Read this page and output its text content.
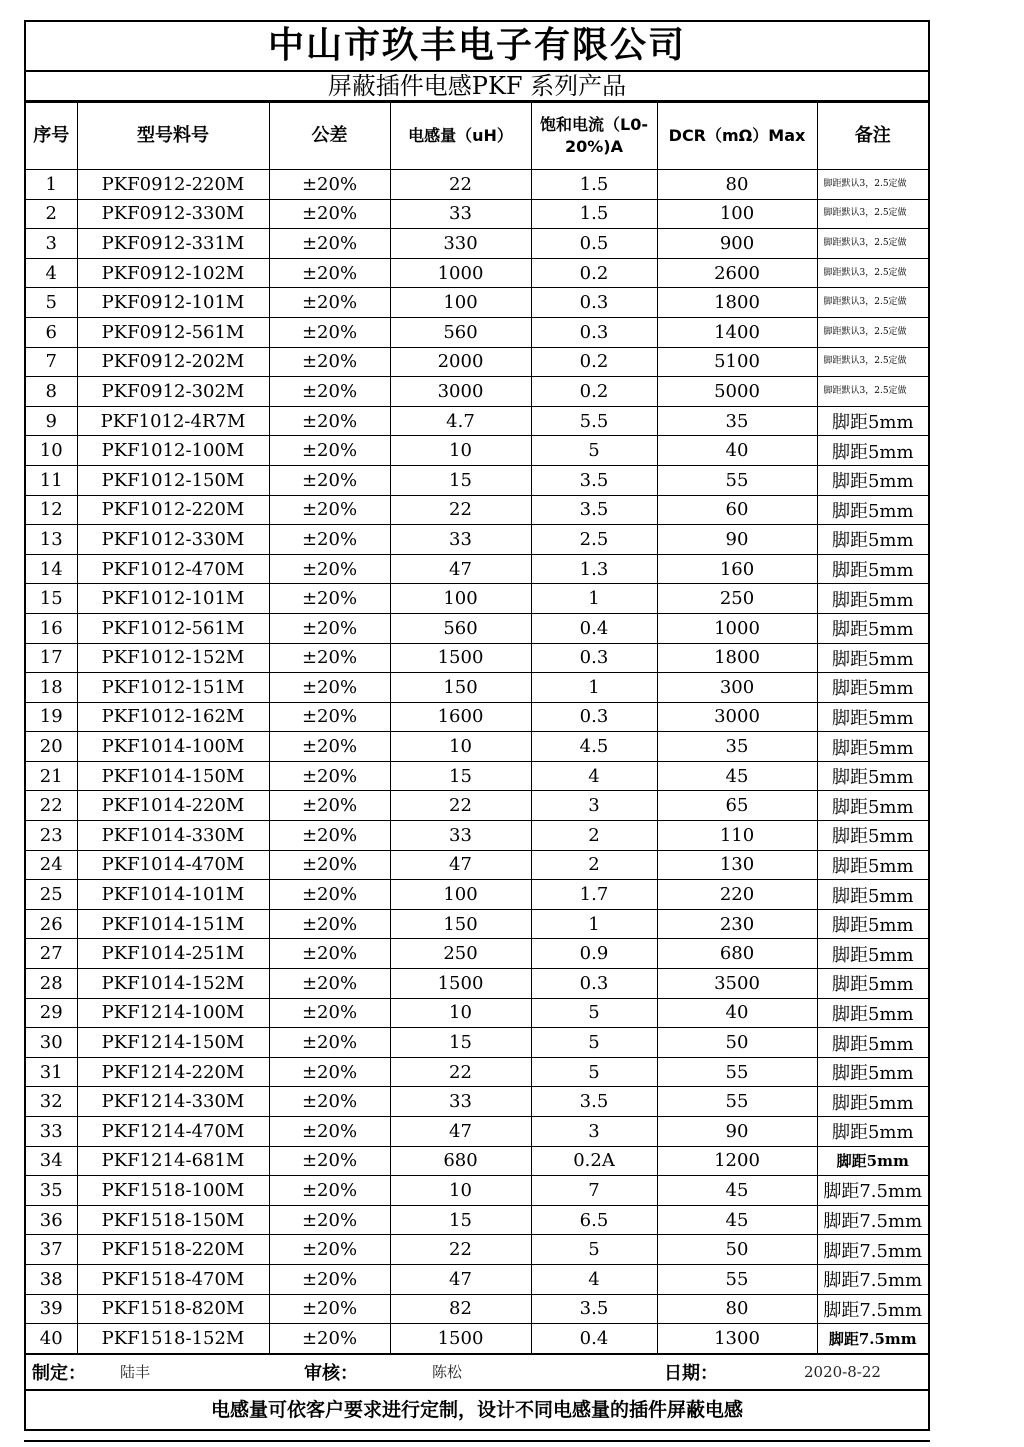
中山市玖丰电子有限公司
屏蔽插件电感PKF 系列产品
序号	型号料号	公差	电感量（uH）	饱和电流（L0-20%)A	DCR（mΩ）Max	备注
1	PKF0912-220M	±20%	22	1.5	80	脚距默认3，2.5定做
2	PKF0912-330M	±20%	33	1.5	100	脚距默认3，2.5定做
3	PKF0912-331M	±20%	330	0.5	900	脚距默认3，2.5定做
4	PKF0912-102M	±20%	1000	0.2	2600	脚距默认3，2.5定做
5	PKF0912-101M	±20%	100	0.3	1800	脚距默认3，2.5定做
6	PKF0912-561M	±20%	560	0.3	1400	脚距默认3，2.5定做
7	PKF0912-202M	±20%	2000	0.2	5100	脚距默认3，2.5定做
8	PKF0912-302M	±20%	3000	0.2	5000	脚距默认3，2.5定做
9	PKF1012-4R7M	±20%	4.7	5.5	35	脚距5mm
10	PKF1012-100M	±20%	10	5	40	脚距5mm
11	PKF1012-150M	±20%	15	3.5	55	脚距5mm
12	PKF1012-220M	±20%	22	3.5	60	脚距5mm
13	PKF1012-330M	±20%	33	2.5	90	脚距5mm
14	PKF1012-470M	±20%	47	1.3	160	脚距5mm
15	PKF1012-101M	±20%	100	1	250	脚距5mm
16	PKF1012-561M	±20%	560	0.4	1000	脚距5mm
17	PKF1012-152M	±20%	1500	0.3	1800	脚距5mm
18	PKF1012-151M	±20%	150	1	300	脚距5mm
19	PKF1012-162M	±20%	1600	0.3	3000	脚距5mm
20	PKF1014-100M	±20%	10	4.5	35	脚距5mm
21	PKF1014-150M	±20%	15	4	45	脚距5mm
22	PKF1014-220M	±20%	22	3	65	脚距5mm
23	PKF1014-330M	±20%	33	2	110	脚距5mm
24	PKF1014-470M	±20%	47	2	130	脚距5mm
25	PKF1014-101M	±20%	100	1.7	220	脚距5mm
26	PKF1014-151M	±20%	150	1	230	脚距5mm
27	PKF1014-251M	±20%	250	0.9	680	脚距5mm
28	PKF1014-152M	±20%	1500	0.3	3500	脚距5mm
29	PKF1214-100M	±20%	10	5	40	脚距5mm
30	PKF1214-150M	±20%	15	5	50	脚距5mm
31	PKF1214-220M	±20%	22	5	55	脚距5mm
32	PKF1214-330M	±20%	33	3.5	55	脚距5mm
33	PKF1214-470M	±20%	47	3	90	脚距5mm
34	PKF1214-681M	±20%	680	0.2A	1200	脚距5mm
35	PKF1518-100M	±20%	10	7	45	脚距7.5mm
36	PKF1518-150M	±20%	15	6.5	45	脚距7.5mm
37	PKF1518-220M	±20%	22	5	50	脚距7.5mm
38	PKF1518-470M	±20%	47	4	55	脚距7.5mm
39	PKF1518-820M	±20%	82	3.5	80	脚距7.5mm
40	PKF1518-152M	±20%	1500	0.4	1300	脚距7.5mm
制定：	陆丰	审核：	陈松	日期：	2020-8-22
电感量可依客户要求进行定制，设计不同电感量的插件屏蔽电感
